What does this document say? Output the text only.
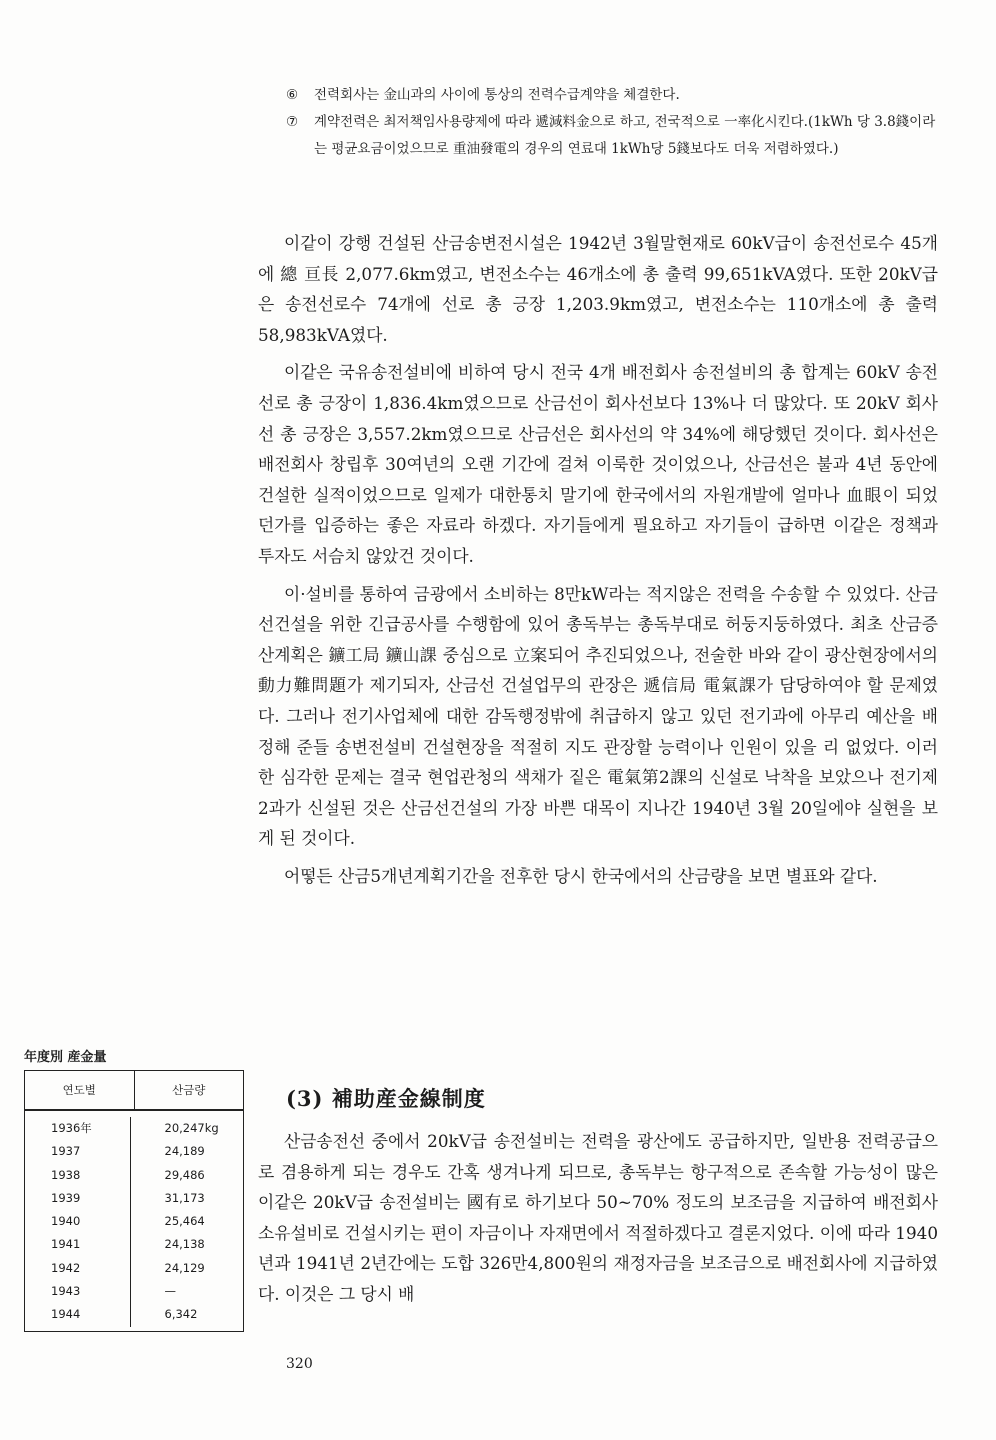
⑥ 전력회사는 金山과의 사이에 통상의 전력수급계약을 체결한다.
⑦ 계약전력은 최저책임사용량제에 따라 遞減料金으로 하고, 전국적으로 一率化시킨다.(1kWh 당 3.8錢이라는 평균요금이었으므로 重油發電의 경우의 연료대 1kWh당 5錢보다도 더욱 저렴하였다.)

이같이 강행 건설된 산금송변전시설은 1942년 3월말현재로 60kV급이 송전선로수 45개에 總 亘長 2,077.6km였고, 변전소수는 46개소에 총 출력 99,651kVA였다. 또한 20kV급은 송전선로수 74개에 선로 총 긍장 1,203.9km였고, 변전소수는 110개소에 총 출력 58,983kVA였다.

이같은 국유송전설비에 비하여 당시 전국 4개 배전회사 송전설비의 총 합계는 60kV 송전선로 총 긍장이 1,836.4km였으므로 산금선이 회사선보다 13%나 더 많았다. 또 20kV 회사선 총 긍장은 3,557.2km였으므로 산금선은 회사선의 약 34%에 해당했던 것이다. 회사선은 배전회사 창립후 30여년의 오랜 기간에 걸쳐 이룩한 것이었으나, 산금선은 불과 4년 동안에 건설한 실적이었으므로 일제가 대한통치 말기에 한국에서의 자원개발에 얼마나 血眼이 되었던가를 입증하는 좋은 자료라 하겠다. 자기들에게 필요하고 자기들이 급하면 이같은 정책과 투자도 서슴치 않았건 것이다.

이·설비를 통하여 금광에서 소비하는 8만kW라는 적지않은 전력을 수송할 수 있었다. 산금선건설을 위한 긴급공사를 수행함에 있어 총독부는 총독부대로 허둥지둥하였다. 최초 산금증산계획은 鑛工局 鑛山課 중심으로 立案되어 추진되었으나, 전술한 바와 같이 광산현장에서의 動力難問題가 제기되자, 산금선 건설업무의 관장은 遞信局 電氣課가 담당하여야 할 문제였다. 그러나 전기사업체에 대한 감독행정밖에 취급하지 않고 있던 전기과에 아무리 예산을 배정해 준들 송변전설비 건설현장을 적절히 지도 관장할 능력이나 인원이 있을 리 없었다. 이러한 심각한 문제는 결국 현업관청의 색채가 짙은 電氣第2課의 신설로 낙착을 보았으나 전기제2과가 신설된 것은 산금선건설의 가장 바쁜 대목이 지나간 1940년 3월 20일에야 실현을 보게 된 것이다.

어떻든 산금5개년계획기간을 전후한 당시 한국에서의 산금량을 보면 별표와 같다.

(3) 補助産金線制度

산금송전선 중에서 20kV급 송전설비는 전력을 광산에도 공급하지만, 일반용 전력공급으로 겸용하게 되는 경우도 간혹 생겨나게 되므로, 총독부는 항구적으로 존속할 가능성이 많은 이같은 20kV급 송전설비는 國有로 하기보다 50~70% 정도의 보조금을 지급하여 배전회사 소유설비로 건설시키는 편이 자금이나 자재면에서 적절하겠다고 결론지었다. 이에 따라 1940년과 1941년 2년간에는 도합 326만4,800원의 재정자금을 보조금으로 배전회사에 지급하였다. 이것은 그 당시 배

年度別 産金量
연도별	산금량
1936年
1937
1938
1939
1940
1941
1942
1943
1944
20,247kg
24,189
29,486
31,173
25,464
24,138
24,129
—
6,342
320
